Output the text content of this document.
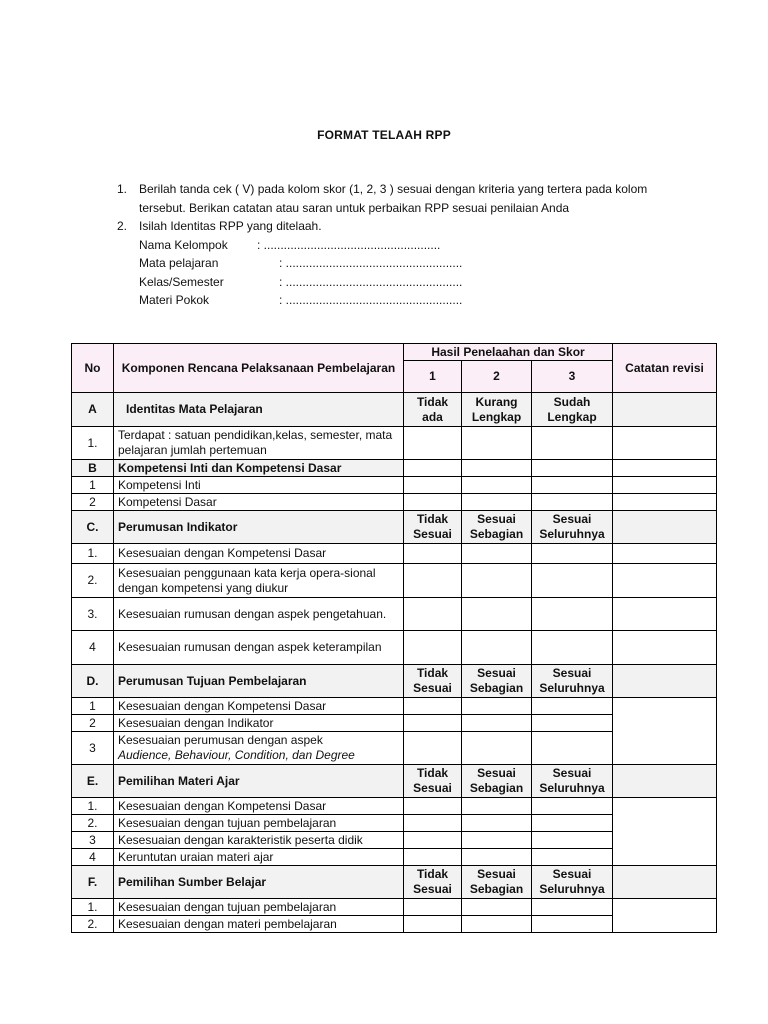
FORMAT TELAAH RPP
1. Berilah tanda cek ( V) pada kolom skor (1, 2, 3 ) sesuai dengan kriteria yang tertera pada kolom tersebut. Berikan catatan atau saran untuk perbaikan RPP sesuai penilaian Anda
2. Isilah Identitas RPP yang ditelaah.
Nama Kelompok	: .....................................................
Mata pelajaran	: .....................................................
Kelas/Semester	: .....................................................
Materi Pokok	: .....................................................
No	Komponen Rencana Pelaksanaan Pembelajaran	Hasil Penelaahan dan Skor			Catatan revisi
		1	2	3	
A	Identitas Mata Pelajaran	Tidak ada	Kurang Lengkap	Sudah Lengkap	
1.	Terdapat : satuan pendidikan,kelas, semester, mata pelajaran jumlah pertemuan				
B	Kompetensi Inti dan Kompetensi Dasar				
1	Kompetensi Inti				
2	Kompetensi Dasar				
C.	Perumusan Indikator	Tidak Sesuai	Sesuai Sebagian	Sesuai Seluruhnya	
1.	Kesesuaian dengan Kompetensi Dasar				
2.	Kesesuaian penggunaan kata kerja opera-sional dengan kompetensi yang diukur				
3.	Kesesuaian rumusan dengan aspek pengetahuan.				
4	Kesesuaian rumusan dengan aspek keterampilan				
D.	Perumusan Tujuan Pembelajaran	Tidak Sesuai	Sesuai Sebagian	Sesuai Seluruhnya	
1	Kesesuaian dengan Kompetensi Dasar				
2	Kesesuaian dengan Indikator				
3	Kesesuaian perumusan dengan aspek
Audience, Behaviour, Condition, dan Degree				
E.	Pemilihan Materi Ajar	Tidak Sesuai	Sesuai Sebagian	Sesuai Seluruhnya	
1.	Kesesuaian dengan Kompetensi Dasar				
2.	Kesesuaian dengan tujuan pembelajaran				
3	Kesesuaian dengan karakteristik peserta didik				
4	Keruntutan uraian materi ajar				
F.	Pemilihan Sumber Belajar	Tidak Sesuai	Sesuai Sebagian	Sesuai Seluruhnya	
1.	Kesesuaian dengan tujuan pembelajaran				
2.	Kesesuaian dengan materi pembelajaran				
